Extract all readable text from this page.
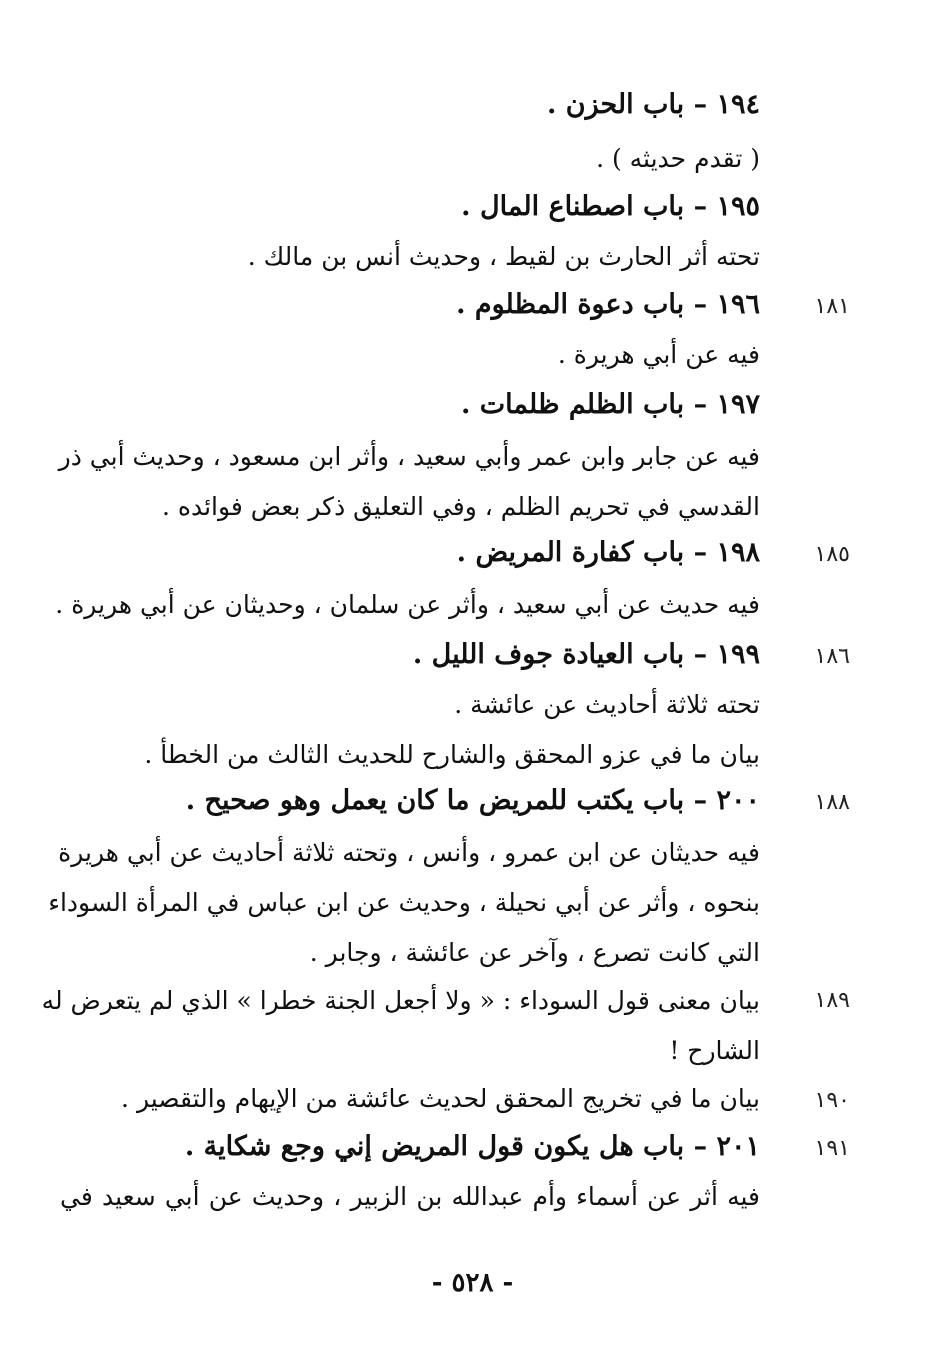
١٩٤ – باب الحزن .
( تقدم حديثه ) .
١٩٥ – باب اصطناع المال .
تحته أثر الحارث بن لقيط ، وحديث أنس بن مالك .
١٨١
١٩٦ – باب دعوة المظلوم .
فيه عن أبي هريرة .
١٩٧ – باب الظلم ظلمات .
فيه عن جابر وابن عمر وأبي سعيد ، وأثر ابن مسعود ، وحديث أبي ذر
القدسي في تحريم الظلم ، وفي التعليق ذكر بعض فوائده .
١٨٥
١٩٨ – باب كفارة المريض .
فيه حديث عن أبي سعيد ، وأثر عن سلمان ، وحديثان عن أبي هريرة .
١٨٦
١٩٩ – باب العيادة جوف الليل .
تحته ثلاثة أحاديث عن عائشة .
بيان ما في عزو المحقق والشارح للحديث الثالث من الخطأ .
١٨٨
٢٠٠ – باب يكتب للمريض ما كان يعمل وهو صحيح .
فيه حديثان عن ابن عمرو ، وأنس ، وتحته ثلاثة أحاديث عن أبي هريرة
بنحوه ، وأثر عن أبي نحيلة ، وحديث عن ابن عباس في المرأة السوداء
التي كانت تصرع ، وآخر عن عائشة ، وجابر .
١٨٩
بيان معنى قول السوداء : « ولا أجعل الجنة خطرا » الذي لم يتعرض له
الشارح !
١٩٠
بيان ما في تخريج المحقق لحديث عائشة من الإيهام والتقصير .
١٩١
٢٠١ – باب هل يكون قول المريض إني وجع شكاية .
فيه أثر عن أسماء وأم عبدالله بن الزبير ، وحديث عن أبي سعيد في
- ٥٢٨ -
